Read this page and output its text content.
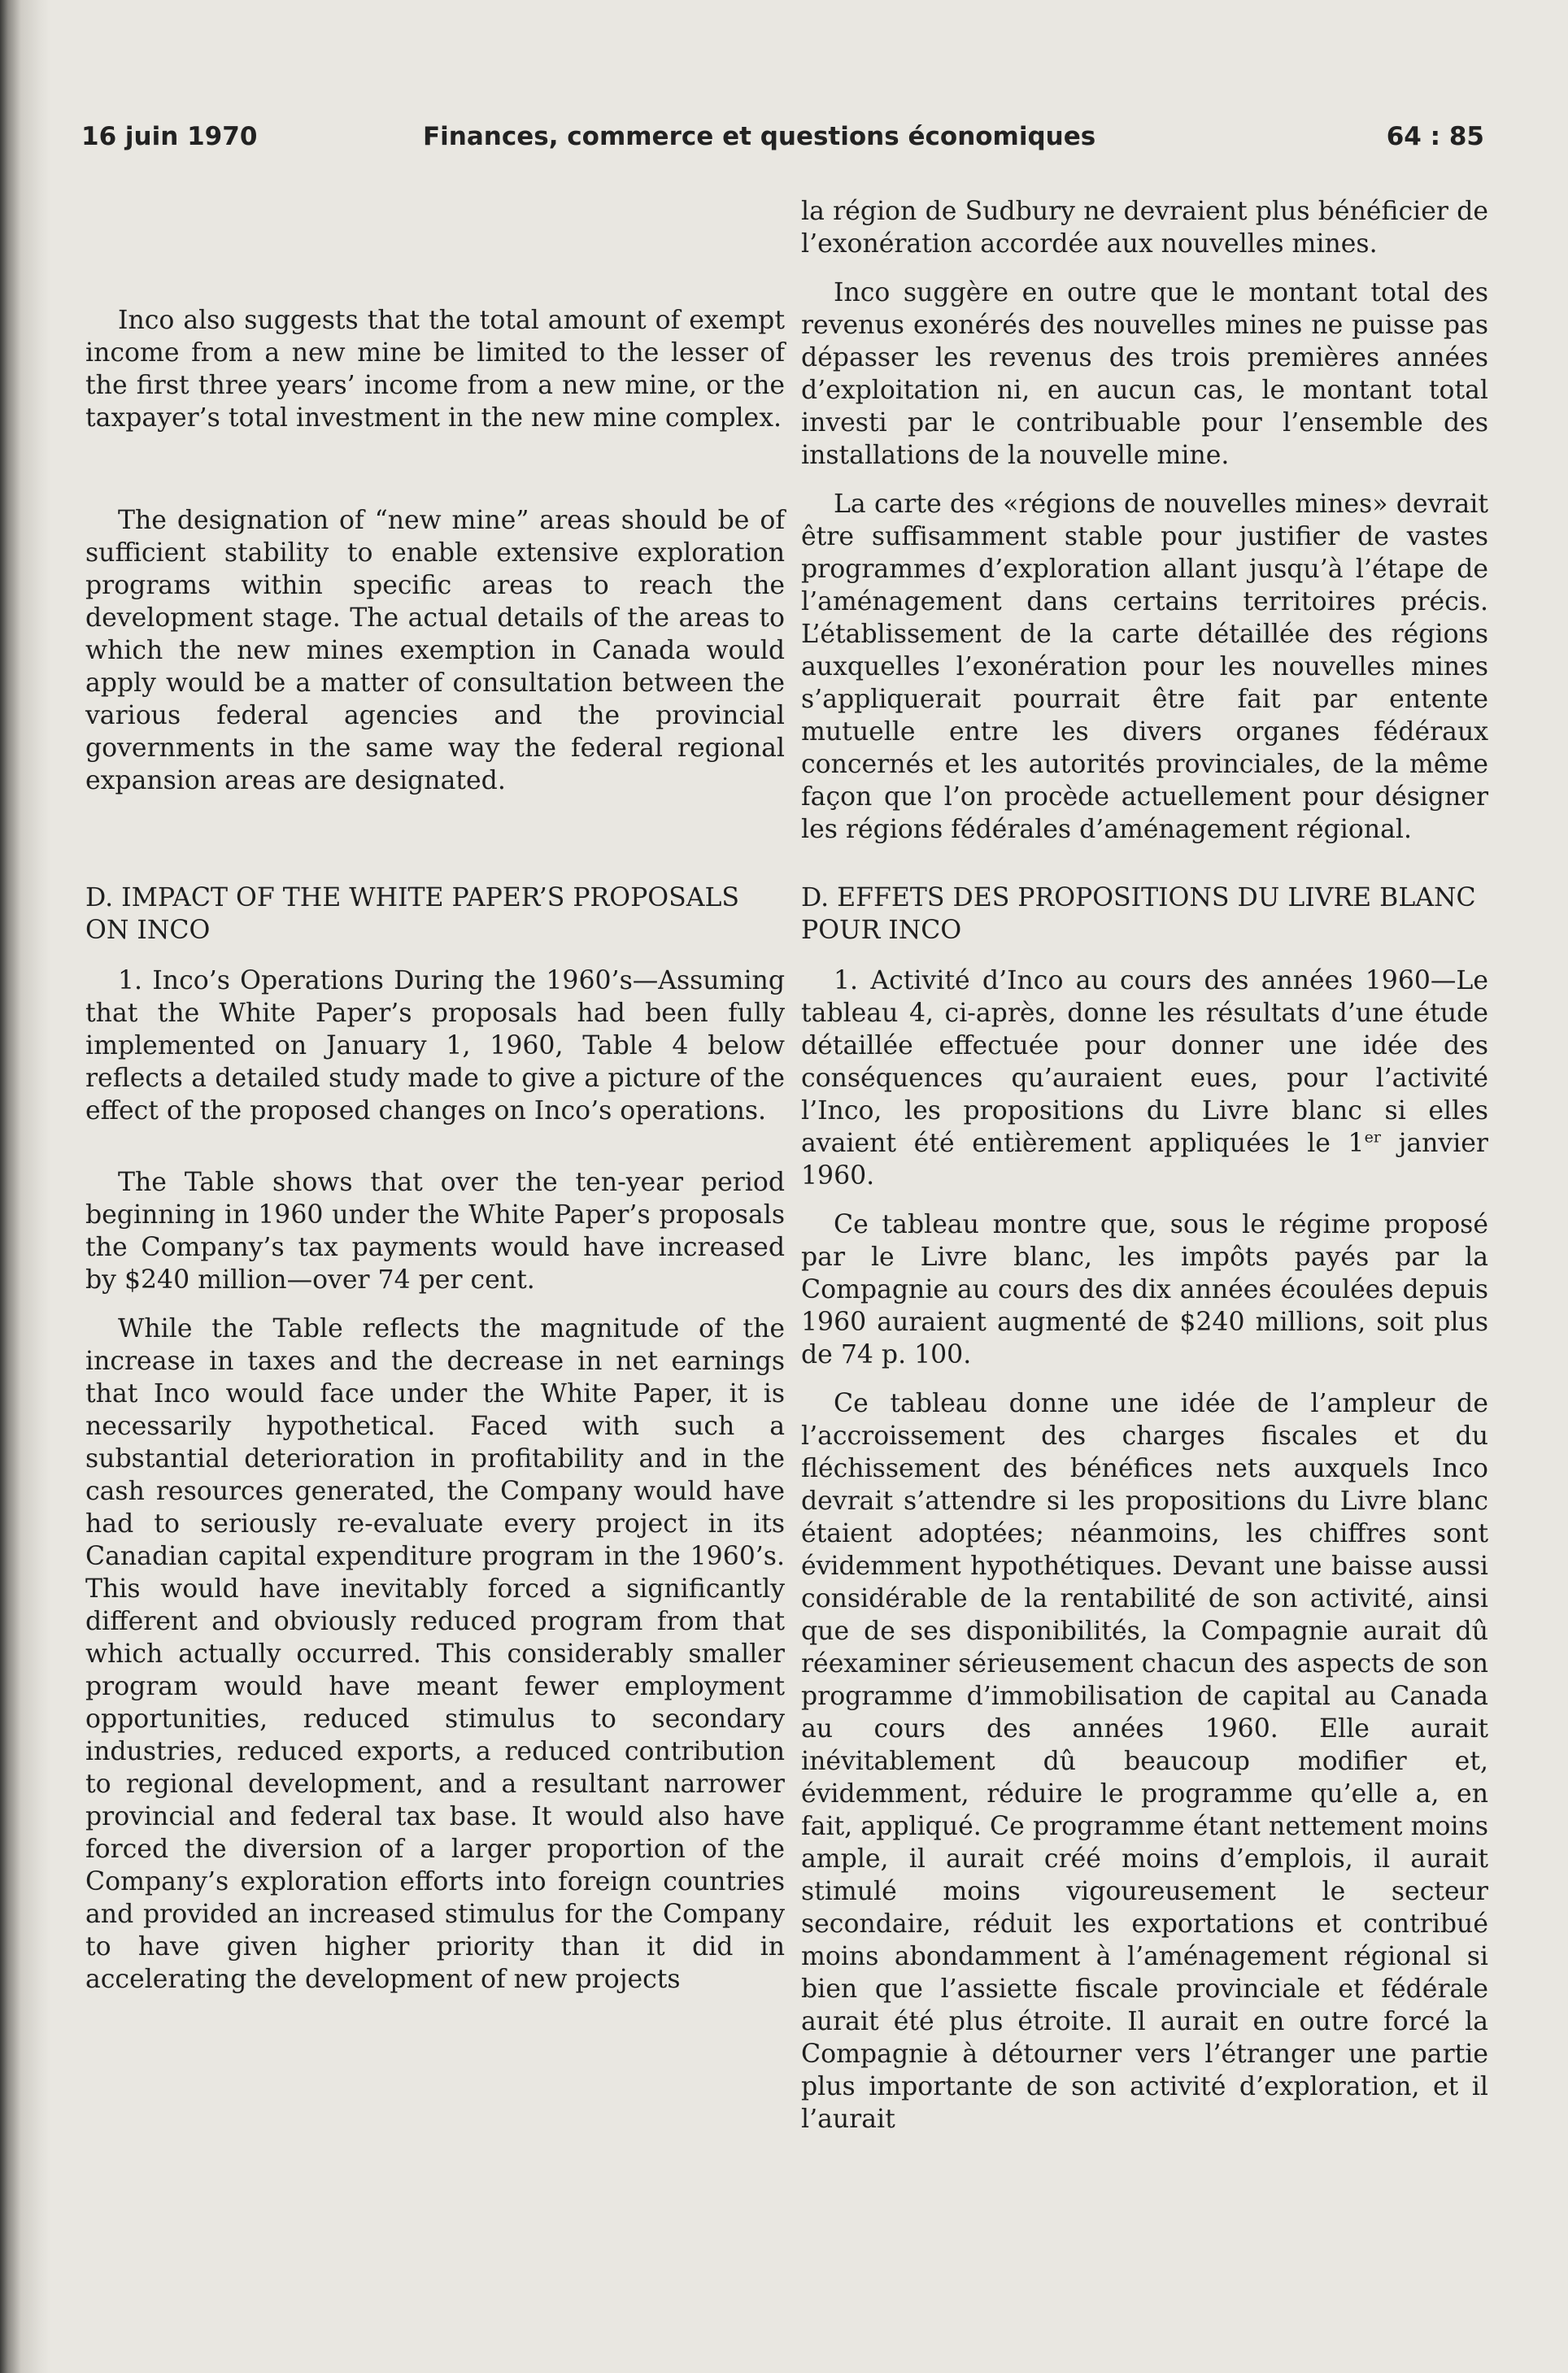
16 juin 1970	Finances, commerce et questions économiques	64 : 85

Inco also suggests that the total amount of exempt income from a new mine be limited to the lesser of the first three years’ income from a new mine, or the taxpayer’s total investment in the new mine complex.

The designation of “new mine” areas should be of sufficient stability to enable extensive exploration programs within specific areas to reach the development stage. The actual details of the areas to which the new mines exemption in Canada would apply would be a matter of consultation between the various federal agencies and the provincial governments in the same way the federal regional expansion areas are designated.

D. IMPACT OF THE WHITE PAPER’S PROPOSALS ON INCO

1. Inco’s Operations During the 1960’s—Assuming that the White Paper’s proposals had been fully implemented on January 1, 1960, Table 4 below reflects a detailed study made to give a picture of the effect of the proposed changes on Inco’s operations.

The Table shows that over the ten-year period beginning in 1960 under the White Paper’s proposals the Company’s tax payments would have increased by $240 million—over 74 per cent.

While the Table reflects the magnitude of the increase in taxes and the decrease in net earnings that Inco would face under the White Paper, it is necessarily hypothetical. Faced with such a substantial deterioration in profitability and in the cash resources generated, the Company would have had to seriously re-evaluate every project in its Canadian capital expenditure program in the 1960’s. This would have inevitably forced a significantly different and obviously reduced program from that which actually occurred. This considerably smaller program would have meant fewer employment opportunities, reduced stimulus to secondary industries, reduced exports, a reduced contribution to regional development, and a resultant narrower provincial and federal tax base. It would also have forced the diversion of a larger proportion of the Company’s exploration efforts into foreign countries and provided an increased stimulus for the Company to have given higher priority than it did in accelerating the development of new projects

la région de Sudbury ne devraient plus bénéficier de l’exonération accordée aux nouvelles mines.

Inco suggère en outre que le montant total des revenus exonérés des nouvelles mines ne puisse pas dépasser les revenus des trois premières années d’exploitation ni, en aucun cas, le montant total investi par le contribuable pour l’ensemble des installations de la nouvelle mine.

La carte des «régions de nouvelles mines» devrait être suffisamment stable pour justifier de vastes programmes d’exploration allant jusqu’à l’étape de l’aménagement dans certains territoires précis. L’établissement de la carte détaillée des régions auxquelles l’exonération pour les nouvelles mines s’appliquerait pourrait être fait par entente mutuelle entre les divers organes fédéraux concernés et les autorités provinciales, de la même façon que l’on procède actuellement pour désigner les régions fédérales d’aménagement régional.

D. EFFETS DES PROPOSITIONS DU LIVRE BLANC POUR INCO

1. Activité d’Inco au cours des années 1960—Le tableau 4, ci-après, donne les résultats d’une étude détaillée effectuée pour donner une idée des conséquences qu’auraient eues, pour l’activité l’Inco, les propositions du Livre blanc si elles avaient été entièrement appliquées le 1er janvier 1960.

Ce tableau montre que, sous le régime proposé par le Livre blanc, les impôts payés par la Compagnie au cours des dix années écoulées depuis 1960 auraient augmenté de $240 millions, soit plus de 74 p. 100.

Ce tableau donne une idée de l’ampleur de l’accroissement des charges fiscales et du fléchissement des bénéfices nets auxquels Inco devrait s’attendre si les propositions du Livre blanc étaient adoptées; néanmoins, les chiffres sont évidemment hypothétiques. Devant une baisse aussi considérable de la rentabilité de son activité, ainsi que de ses disponibilités, la Compagnie aurait dû réexaminer sérieusement chacun des aspects de son programme d’immobilisation de capital au Canada au cours des années 1960. Elle aurait inévitablement dû beaucoup modifier et, évidemment, réduire le programme qu’elle a, en fait, appliqué. Ce programme étant nettement moins ample, il aurait créé moins d’emplois, il aurait stimulé moins vigoureusement le secteur secondaire, réduit les exportations et contribué moins abondamment à l’aménagement régional si bien que l’assiette fiscale provinciale et fédérale aurait été plus étroite. Il aurait en outre forcé la Compagnie à détourner vers l’étranger une partie plus importante de son activité d’exploration, et il l’aurait
